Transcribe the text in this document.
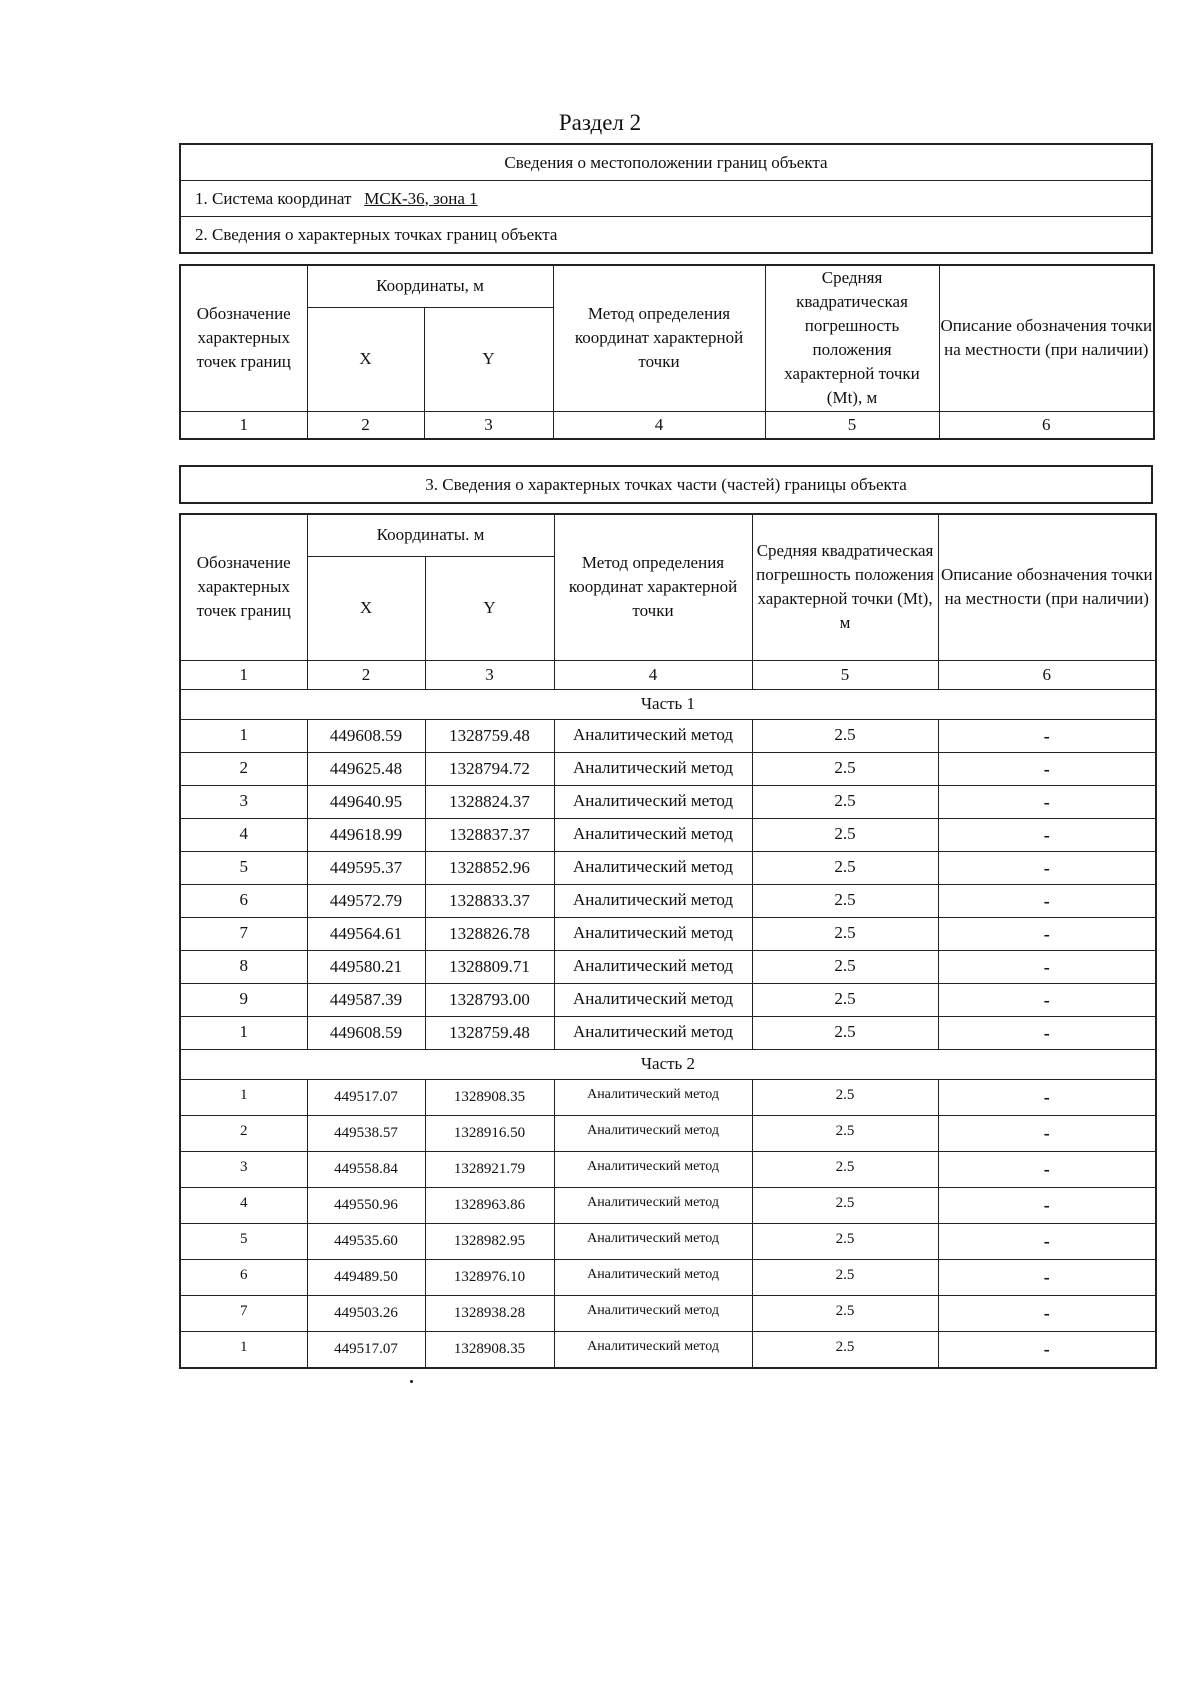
Раздел 2
Сведения о местоположении границ объекта
1. Система координат МСК-36, зона 1
2. Сведения о характерных точках границ объекта
Обозначение характерных точек границ	Координаты, м		Метод определения координат характерной точки	Средняя квадратическая погрешность положения характерной точки (Mt), м	Описание обозначения точки на местности (при наличии)
	X	Y			
1	2	3	4	5	6
3. Сведения о характерных точках части (частей) границы объекта
Обозначение характерных точек границ	Координаты. м		Метод определения координат характерной точки	Средняя квадратическая погрешность положения характерной точки (Mt), м	Описание обозначения точки на местности (при наличии)
	X	Y			
1	2	3	4	5	6
Часть 1					
1	449608.59	1328759.48	Аналитический метод	2.5	-
2	449625.48	1328794.72	Аналитический метод	2.5	-
3	449640.95	1328824.37	Аналитический метод	2.5	-
4	449618.99	1328837.37	Аналитический метод	2.5	-
5	449595.37	1328852.96	Аналитический метод	2.5	-
6	449572.79	1328833.37	Аналитический метод	2.5	-
7	449564.61	1328826.78	Аналитический метод	2.5	-
8	449580.21	1328809.71	Аналитический метод	2.5	-
9	449587.39	1328793.00	Аналитический метод	2.5	-
1	449608.59	1328759.48	Аналитический метод	2.5	-
Часть 2					
1	449517.07	1328908.35	Аналитический метод	2.5	-
2	449538.57	1328916.50	Аналитический метод	2.5	-
3	449558.84	1328921.79	Аналитический метод	2.5	-
4	449550.96	1328963.86	Аналитический метод	2.5	-
5	449535.60	1328982.95	Аналитический метод	2.5	-
6	449489.50	1328976.10	Аналитический метод	2.5	-
7	449503.26	1328938.28	Аналитический метод	2.5	-
1	449517.07	1328908.35	Аналитический метод	2.5	-
